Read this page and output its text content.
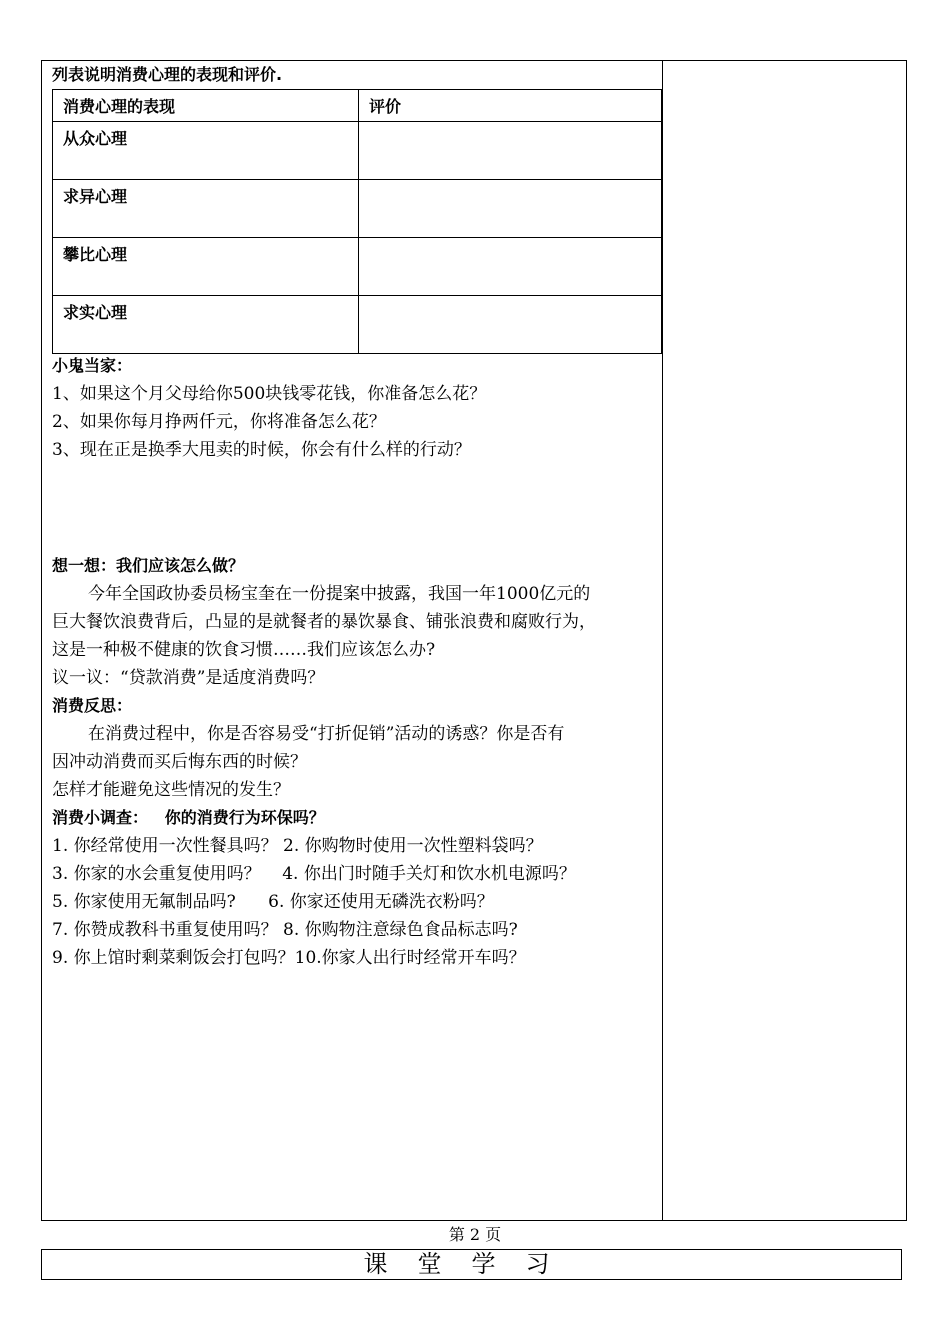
列表说明消费心理的表现和评价.
消费心理的表现	评价
从众心理	
求异心理	
攀比心理	
求实心理	
小鬼当家：
1、如果这个月父母给你500块钱零花钱，你准备怎么花？
2、如果你每月挣两仟元，你将准备怎么花？
3、现在正是换季大甩卖的时候，你会有什么样的行动？
想一想：我们应该怎么做？
今年全国政协委员杨宝奎在一份提案中披露，我国一年1000亿元的
巨大餐饮浪费背后，凸显的是就餐者的暴饮暴食、铺张浪费和腐败行为，
这是一种极不健康的饮食习惯……我们应该怎么办?
议一议：“贷款消费”是适度消费吗？
消费反思：
在消费过程中，你是否容易受“打折促销”活动的诱惑？你是否有
因冲动消费而买后悔东西的时候？
怎样才能避免这些情况的发生？
消费小调查：   你的消费行为环保吗？
1. 你经常使用一次性餐具吗？ 2. 你购物时使用一次性塑料袋吗？
3. 你家的水会重复使用吗？    4. 你出门时随手关灯和饮水机电源吗？
5. 你家使用无氟制品吗?      6. 你家还使用无磷洗衣粉吗？
7. 你赞成教科书重复使用吗？ 8. 你购物注意绿色食品标志吗?
9. 你上馆时剩菜剩饭会打包吗？10.你家人出行时经常开车吗？
第 2 页
课堂学习
